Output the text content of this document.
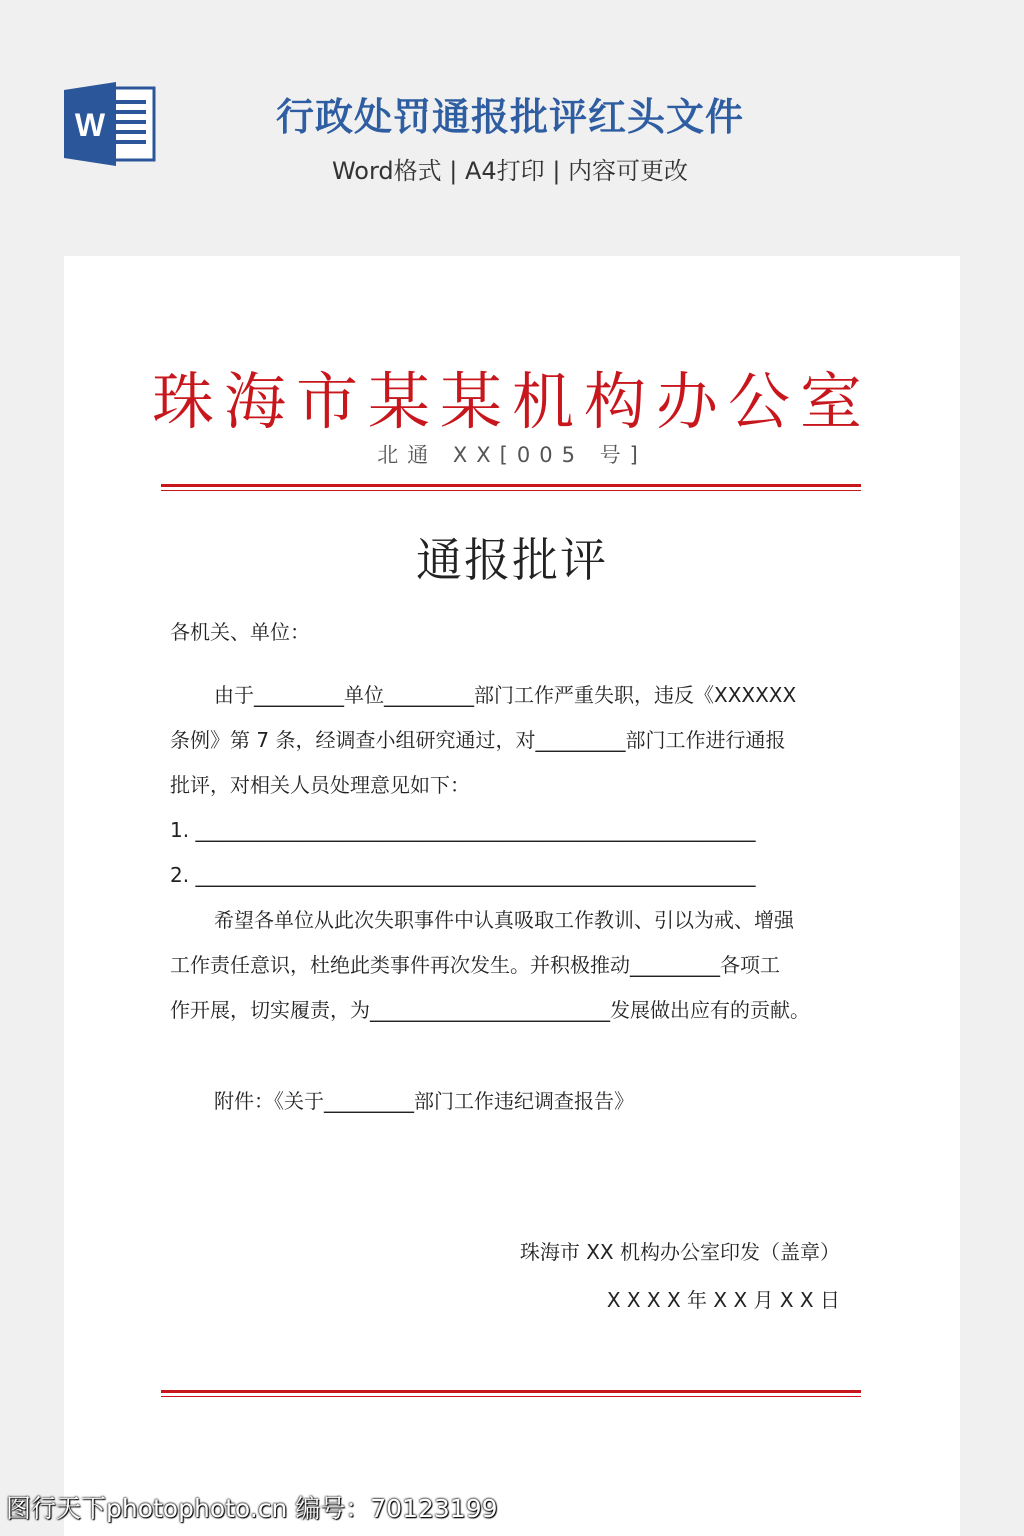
W	行政处罚通报批评红头文件
Word格式 | A4打印 | 内容可更改
珠海市某某机构办公室
北通 XX[005 号]
通报批评
各机关、单位：
由于_________单位_________部门工作严重失职，违反《XXXXXX
条例》第 7 条，经调查小组研究通过，对_________部门工作进行通报
批评，对相关人员处理意见如下：
1. ________________________________________________________
2. ________________________________________________________
希望各单位从此次失职事件中认真吸取工作教训、引以为戒、增强
工作责任意识，杜绝此类事件再次发生。并积极推动_________各项工
作开展，切实履责，为________________________发展做出应有的贡献。
附件：《关于_________部门工作违纪调查报告》
珠海市 XX 机构办公室印发（盖章）
X X X X 年 X X 月 X X 日
图行天下photophoto.cn 编号：70123199
